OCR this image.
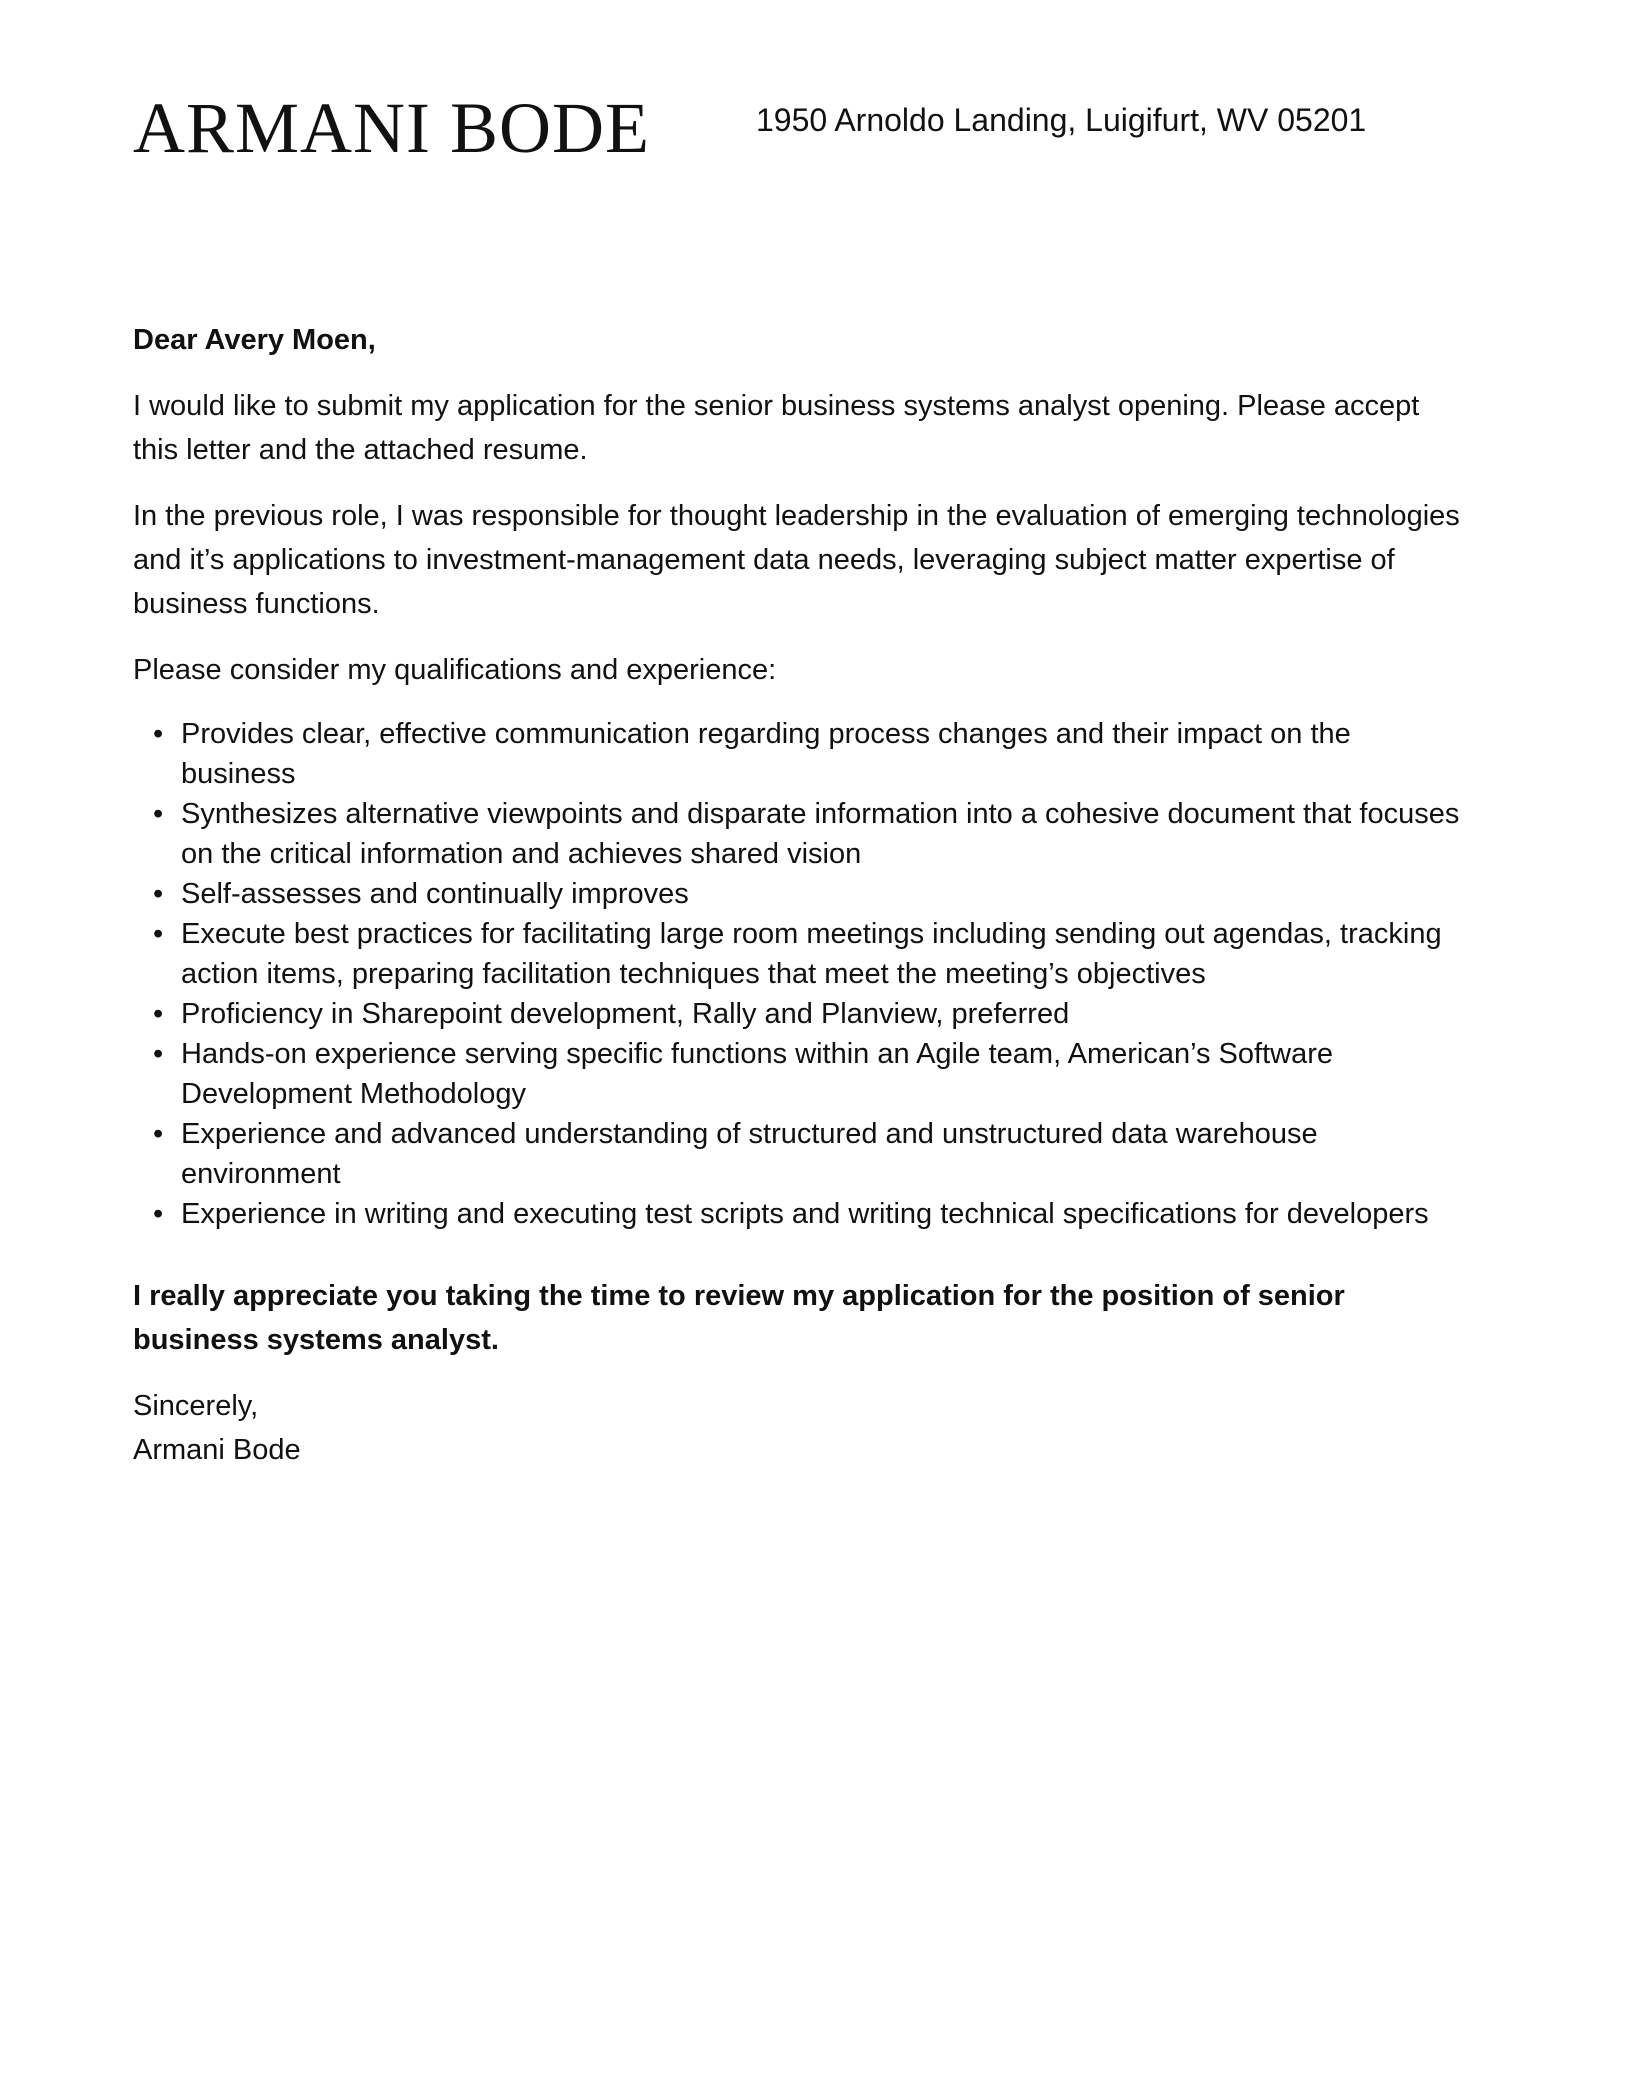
ARMANI BODE	1950 Arnoldo Landing, Luigifurt, WV 05201

Dear Avery Moen,

I would like to submit my application for the senior business systems analyst opening. Please accept this letter and the attached resume.

In the previous role, I was responsible for thought leadership in the evaluation of emerging technologies and it’s applications to investment-management data needs, leveraging subject matter expertise of business functions.

Please consider my qualifications and experience:

• Provides clear, effective communication regarding process changes and their impact on the business
• Synthesizes alternative viewpoints and disparate information into a cohesive document that focuses on the critical information and achieves shared vision
• Self-assesses and continually improves
• Execute best practices for facilitating large room meetings including sending out agendas, tracking action items, preparing facilitation techniques that meet the meeting’s objectives
• Proficiency in Sharepoint development, Rally and Planview, preferred
• Hands-on experience serving specific functions within an Agile team, American’s Software Development Methodology
• Experience and advanced understanding of structured and unstructured data warehouse environment
• Experience in writing and executing test scripts and writing technical specifications for developers

I really appreciate you taking the time to review my application for the position of senior business systems analyst.

Sincerely,

Armani Bode
